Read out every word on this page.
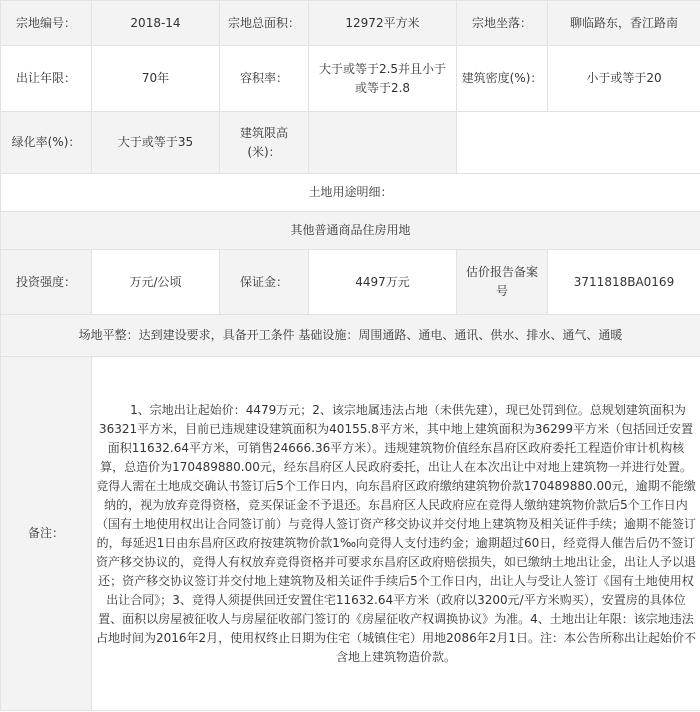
宗地编号：	2018-14	宗地总面积：	12972平方米	宗地坐落：	聊临路东，香江路南
出让年限：	70年	容积率：	大于或等于2.5并且小于或等于2.8	建筑密度(%)：	小于或等于20
绿化率(%)：	大于或等于35	建筑限高(米)：			
土地用途明细：					
其他普通商品住房用地					
投资强度：	万元/公顷	保证金：	4497万元	估价报告备案号	3711818BA0169
场地平整：达到建设要求，具备开工条件 基础设施：周围通路、通电、通讯、供水、排水、通气、通暖					
备注：	　　1、宗地出让起始价：4479万元；2、该宗地属违法占地（未供先建），现已处罚到位。总规划建筑面积为36321平方米，目前已违规建设建筑面积为40155.8平方米，其中地上建筑面积为36299平方米（包括回迁安置面积11632.64平方米，可销售24666.36平方米）。违规建筑物价值经东昌府区政府委托工程造价审计机构核算，总造价为170489880.00元，经东昌府区人民政府委托，出让人在本次出让中对地上建筑物一并进行处置。竞得人需在土地成交确认书签订后5个工作日内，向东昌府区政府缴纳建筑物价款170489880.00元，逾期不能缴纳的，视为放弃竞得资格，竞买保证金不予退还。东昌府区人民政府应在竞得人缴纳建筑物价款后5个工作日内（国有土地使用权出让合同签订前）与竞得人签订资产移交协议并交付地上建筑物及相关证件手续；逾期不能签订的，每延迟1日由东昌府区政府按建筑物价款1‰向竞得人支付违约金；逾期超过60日，经竞得人催告后仍不签订资产移交协议的，竞得人有权放弃竞得资格并可要求东昌府区政府赔偿损失，如已缴纳土地出让金，出让人予以退还；资产移交协议签订并交付地上建筑物及相关证件手续后5个工作日内，出让人与受让人签订《国有土地使用权出让合同》；3、竞得人须提供回迁安置住宅11632.64平方米（政府以3200元/平方米购买），安置房的具体位置、面积以房屋被征收人与房屋征收部门签订的《房屋征收产权调换协议》为准。4、土地出让年限：该宗地违法占地时间为2016年2月，使用权终止日期为住宅（城镇住宅）用地2086年2月1日。注：本公告所称出让起始价不含地上建筑物造价款。				
